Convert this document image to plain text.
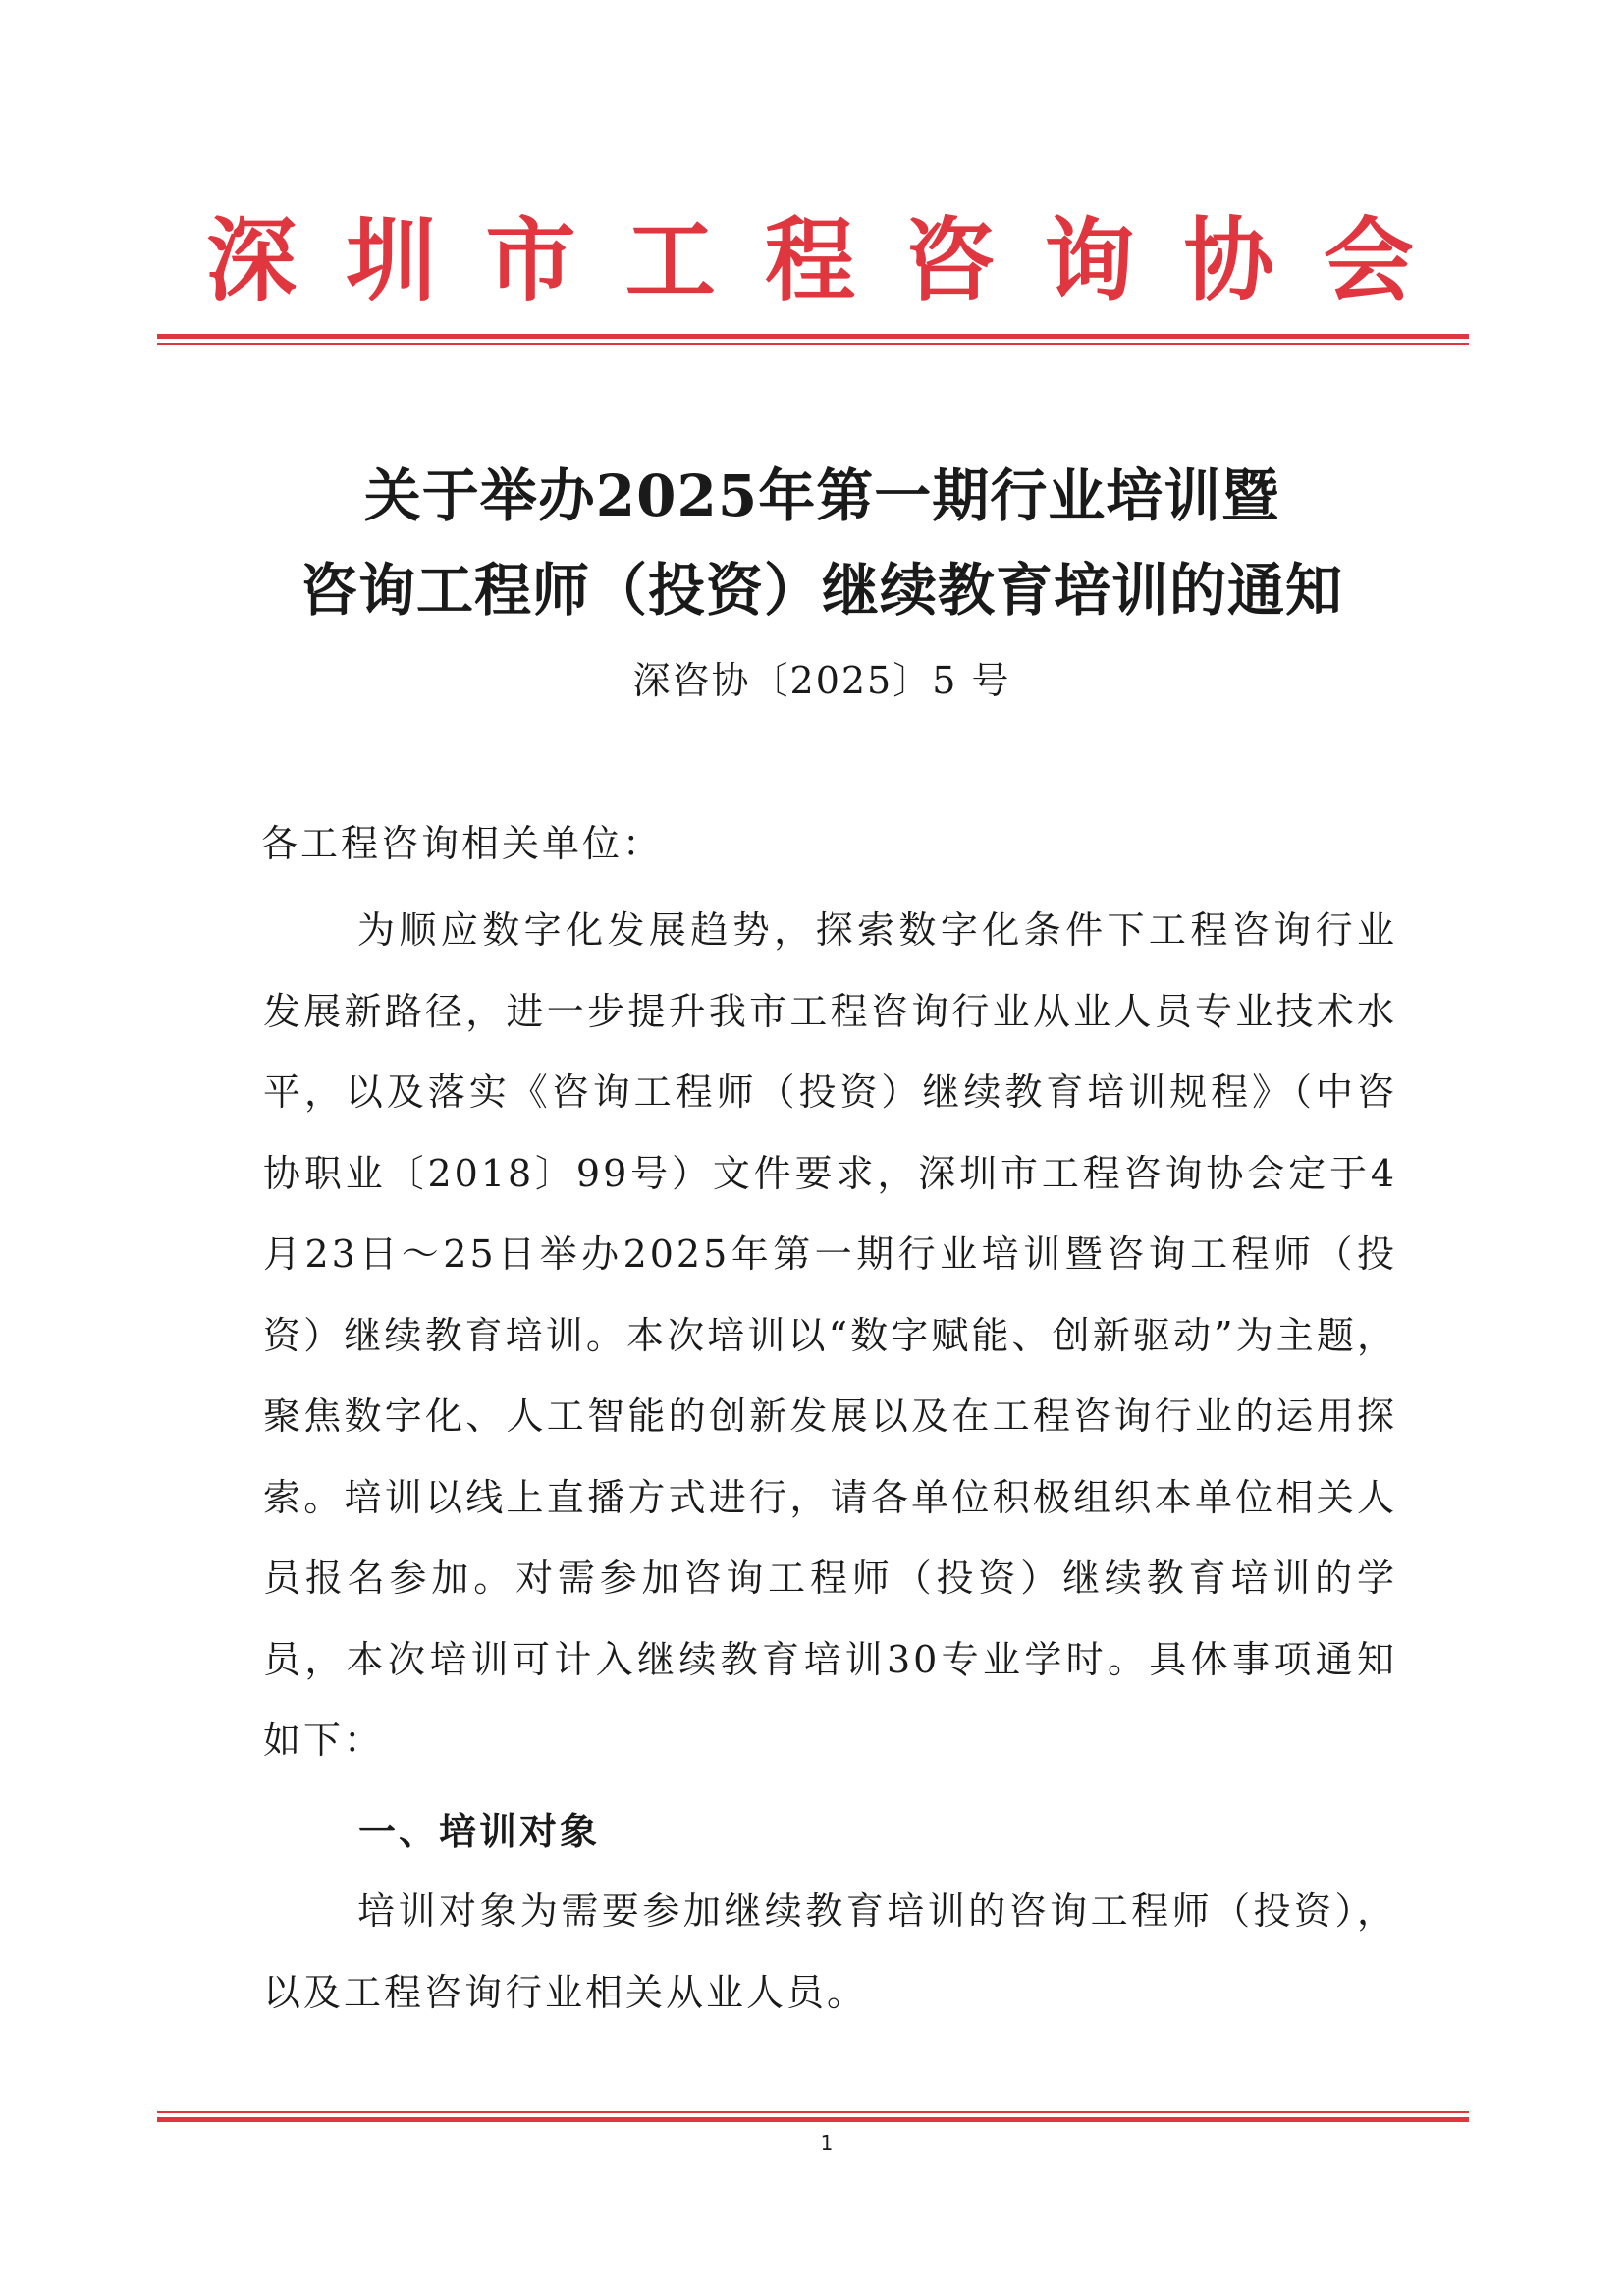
深 圳 市 工 程 咨 询 协 会
关于举办2025年第一期行业培训暨
咨询工程师（投资）继续教育培训的通知
深咨协〔2025〕5 号
各工程咨询相关单位：
为顺应数字化发展趋势，探索数字化条件下工程咨询行业发展新路径，进一步提升我市工程咨询行业从业人员专业技术水平，以及落实《咨询工程师（投资）继续教育培训规程》（中咨协职业〔2018〕99号）文件要求，深圳市工程咨询协会定于4月23日～25日举办2025年第一期行业培训暨咨询工程师（投资）继续教育培训。本次培训以“数字赋能、创新驱动”为主题，聚焦数字化、人工智能的创新发展以及在工程咨询行业的运用探索。培训以线上直播方式进行，请各单位积极组织本单位相关人员报名参加。对需参加咨询工程师（投资）继续教育培训的学员，本次培训可计入继续教育培训30专业学时。具体事项通知如下：
一、培训对象
培训对象为需要参加继续教育培训的咨询工程师（投资），以及工程咨询行业相关从业人员。
1
